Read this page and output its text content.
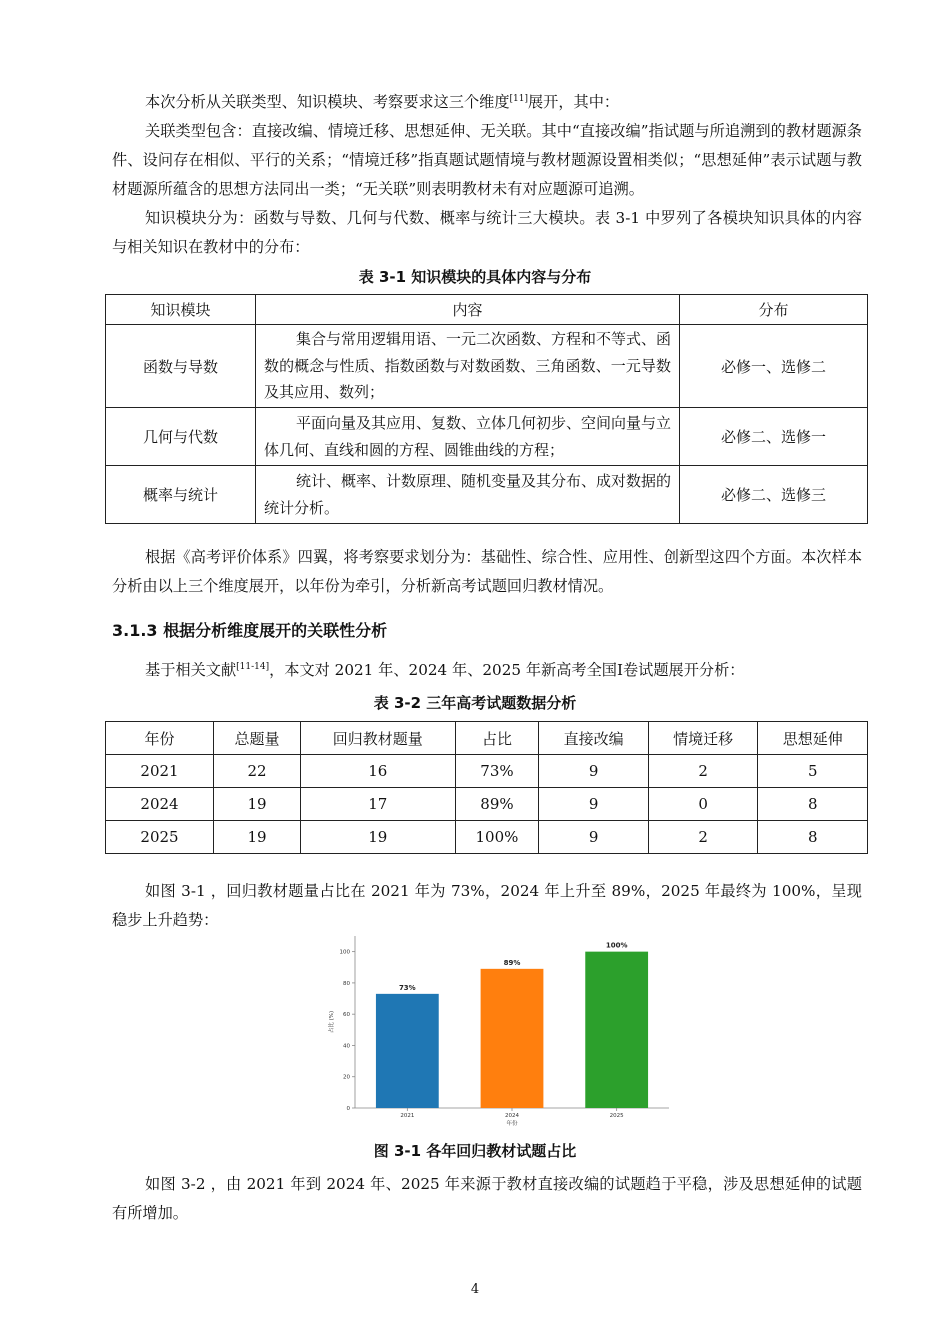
本次分析从关联类型、知识模块、考察要求这三个维度[11]展开，其中：

关联类型包含：直接改编、情境迁移、思想延伸、无关联。其中“直接改编”指试题与所追溯到的教材题源条件、设问存在相似、平行的关系；“情境迁移”指真题试题情境与教材题源设置相类似；“思想延伸”表示试题与教材题源所蕴含的思想方法同出一类；“无关联”则表明教材未有对应题源可追溯。

知识模块分为：函数与导数、几何与代数、概率与统计三大模块。表 3-1 中罗列了各模块知识具体的内容与相关知识在教材中的分布：

表 3-1 知识模块的具体内容与分布
知识模块	内容	分布
函数与导数	集合与常用逻辑用语、一元二次函数、方程和不等式、函数的概念与性质、指数函数与对数函数、三角函数、一元导数及其应用、数列；	必修一、选修二
几何与代数	平面向量及其应用、复数、立体几何初步、空间向量与立体几何、直线和圆的方程、圆锥曲线的方程；	必修二、选修一
概率与统计	统计、概率、计数原理、随机变量及其分布、成对数据的统计分析。	必修二、选修三

根据《高考评价体系》四翼，将考察要求划分为：基础性、综合性、应用性、创新型这四个方面。本次样本分析由以上三个维度展开，以年份为牵引，分析新高考试题回归教材情况。

3.1.3 根据分析维度展开的关联性分析

基于相关文献[11-14]，本文对 2021 年、2024 年、2025 年新高考全国Ⅰ卷试题展开分析：

表 3-2 三年高考试题数据分析
年份	总题量	回归教材题量	占比	直接改编	情境迁移	思想延伸
2021	22	16	73%	9	2	5
2024	19	17	89%	9	0	8
2025	19	19	100%	9	2	8

如图 3-1 ，回归教材题量占比在 2021 年为 73%，2024 年上升至 89%，2025 年最终为 100%，呈现稳步上升趋势：

0
20
40
60
80
100
占比 (%)
73%
2021
89%
2024
100%
2025
年份
图 3-1 各年回归教材试题占比

如图 3-2 ，由 2021 年到 2024 年、2025 年来源于教材直接改编的试题趋于平稳，涉及思想延伸的试题有所增加。

4
